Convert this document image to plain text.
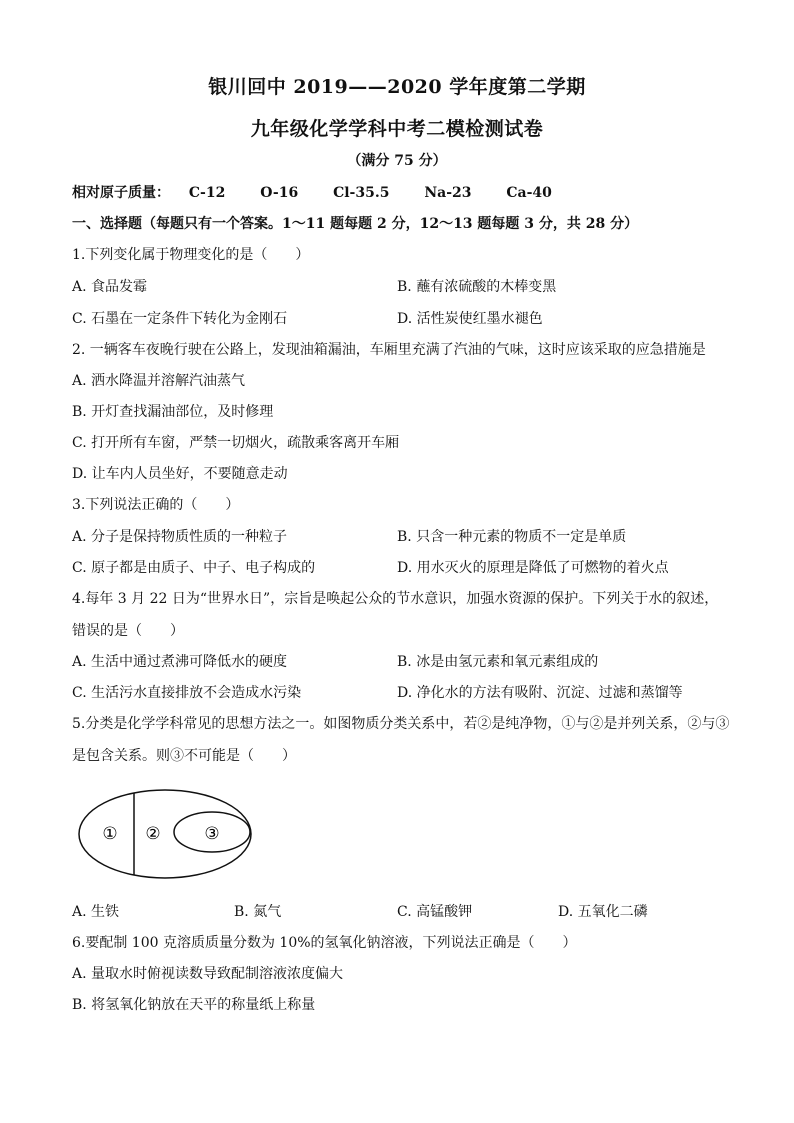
银川回中 2019——2020 学年度第二学期
九年级化学学科中考二模检测试卷
（满分 75 分）
相对原子质量： C-12 O-16 Cl-35.5 Na-23 Ca-40
一、选择题（每题只有一个答案。1～11 题每题 2 分，12～13 题每题 3 分，共 28 分）
1.下列变化属于物理变化的是（　　）
A. 食品发霉	B. 蘸有浓硫酸的木棒变黑
C. 石墨在一定条件下转化为金刚石	D. 活性炭使红墨水褪色
2. 一辆客车夜晚行驶在公路上，发现油箱漏油，车厢里充满了汽油的气味，这时应该采取的应急措施是
A. 洒水降温并溶解汽油蒸气
B. 开灯查找漏油部位，及时修理
C. 打开所有车窗，严禁一切烟火，疏散乘客离开车厢
D. 让车内人员坐好，不要随意走动
3.下列说法正确的（　　）
A. 分子是保持物质性质的一种粒子	B. 只含一种元素的物质不一定是单质
C. 原子都是由质子、中子、电子构成的	D. 用水灭火的原理是降低了可燃物的着火点
4.每年 3 月 22 日为“世界水日”，宗旨是唤起公众的节水意识，加强水资源的保护。下列关于水的叙述，
错误的是（　　）
A. 生活中通过煮沸可降低水的硬度	B. 冰是由氢元素和氧元素组成的
C. 生活污水直接排放不会造成水污染	D. 净化水的方法有吸附、沉淀、过滤和蒸馏等
5.分类是化学学科常见的思想方法之一。如图物质分类关系中，若②是纯净物，①与②是并列关系，②与③
是包含关系。则③不可能是（　　）
① ②	③
A. 生铁	B. 氮气	C. 高锰酸钾	D. 五氧化二磷
6.要配制 100 克溶质质量分数为 10%的氢氧化钠溶液，下列说法正确是（　　）
A. 量取水时俯视读数导致配制溶液浓度偏大
B. 将氢氧化钠放在天平的称量纸上称量
